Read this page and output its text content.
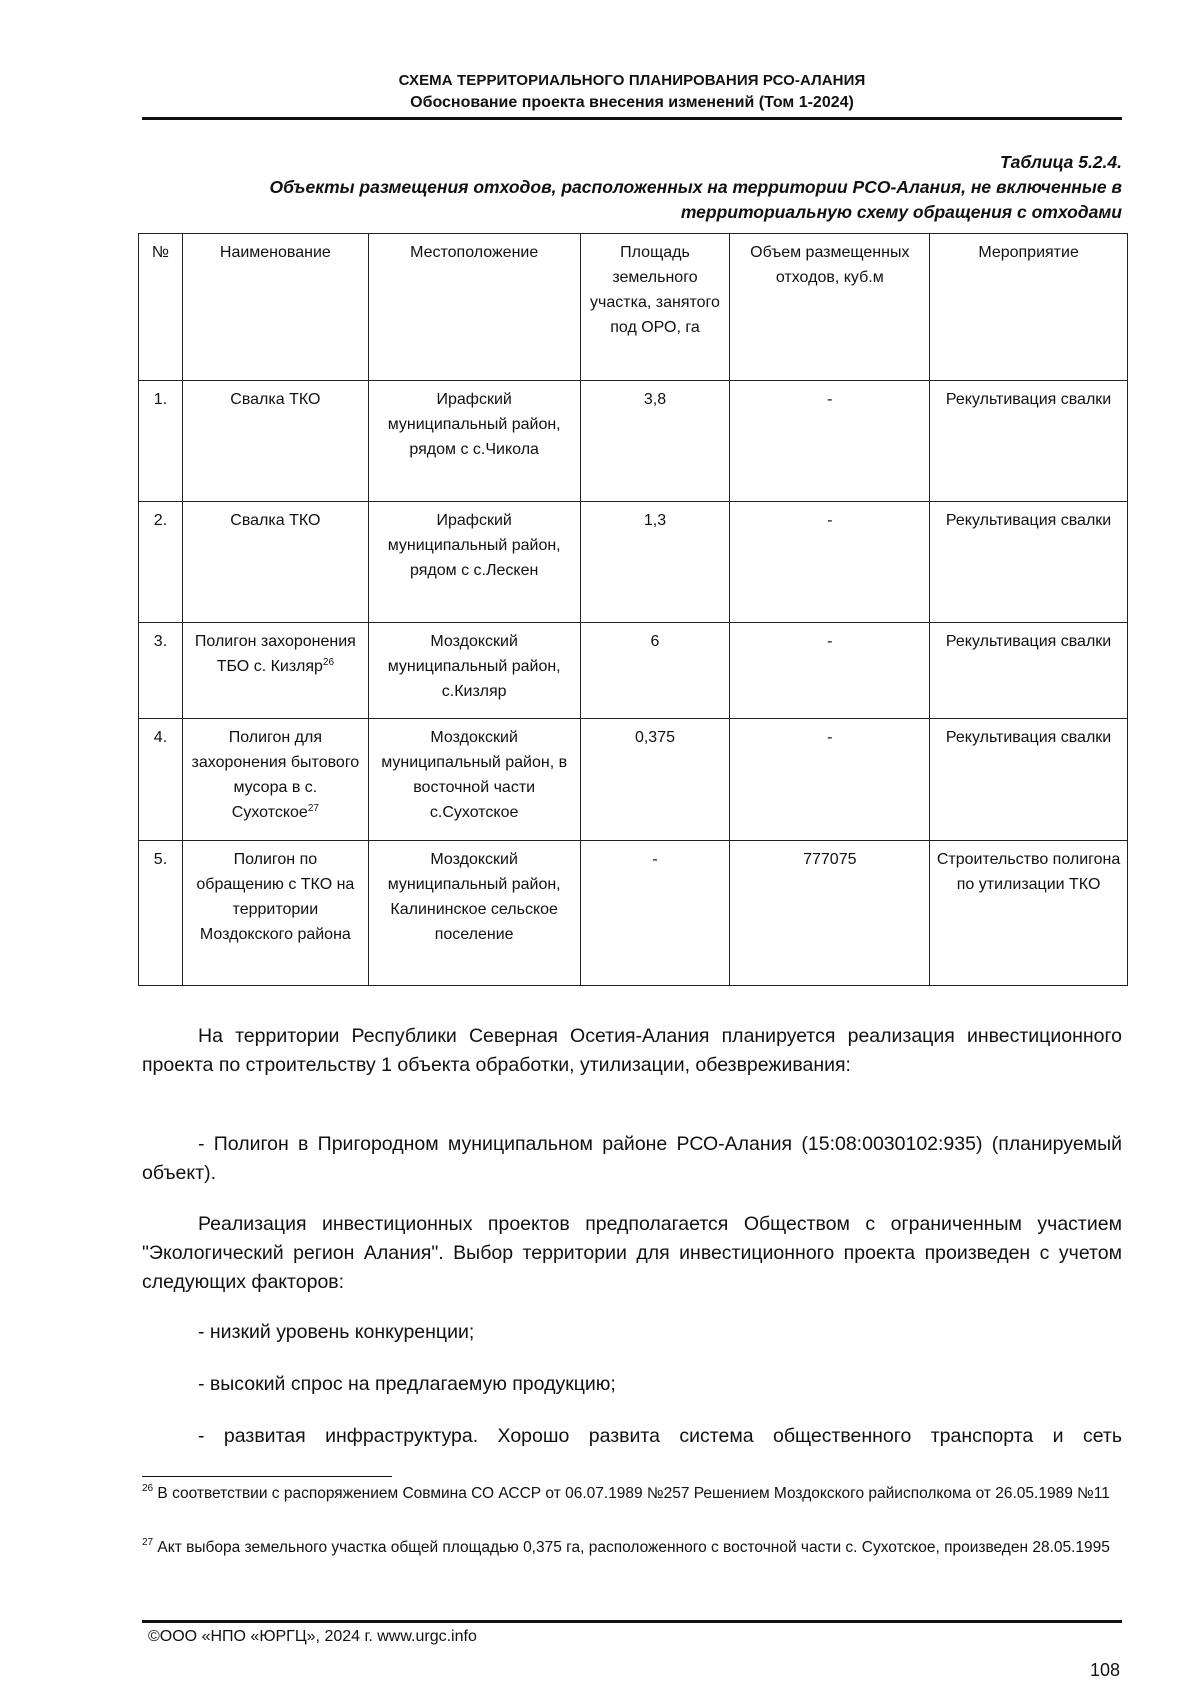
СХЕМА ТЕРРИТОРИАЛЬНОГО ПЛАНИРОВАНИЯ РСО-АЛАНИЯ
Обоснование проекта внесения изменений (Том 1-2024)
Таблица 5.2.4.
Объекты размещения отходов, расположенных на территории РСО-Алания, не включенные в
территориальную схему обращения с отходами
№	Наименование	Местоположение	Площадь земельного участка, занятого под ОРО, га	Объем размещенных отходов, куб.м	Мероприятие
1.	Свалка ТКО	Ирафский муниципальный район, рядом с с.Чикола	3,8	-	Рекультивация свалки
2.	Свалка ТКО	Ирафский муниципальный район, рядом с с.Лескен	1,3	-	Рекультивация свалки
3.	Полигон захоронения ТБО с. Кизляр$^{26}$	Моздокский муниципальный район, с.Кизляр	6	-	Рекультивация свалки
4.	Полигон для захоронения бытового мусора в с. Сухотское$^{27}$	Моздокский муниципальный район, в восточной части с.Сухотское	0,375	-	Рекультивация свалки
5.	Полигон по обращению с ТКО на территории Моздокского района	Моздокский муниципальный район, Калининское сельское поселение	-	777075	Строительство полигона по утилизации ТКО
На территории Республики Северная Осетия-Алания планируется реализация инвестиционного проекта по строительству 1 объекта обработки, утилизации, обезвреживания:
- Полигон в Пригородном муниципальном районе РСО-Алания (15:08:0030102:935) (планируемый объект).
Реализация инвестиционных проектов предполагается Обществом с ограниченным участием "Экологический регион Алания". Выбор территории для инвестиционного проекта произведен с учетом следующих факторов:
- низкий уровень конкуренции;
- высокий спрос на предлагаемую продукцию;
- развитая инфраструктура. Хорошо развита система общественного транспорта и сеть
$^{26}$ В соответствии с распоряжением Совмина СО АССР от 06.07.1989 №257 Решением Моздокского райисполкома от 26.05.1989 №11
$^{27}$ Акт выбора земельного участка общей площадью 0,375 га, расположенного с восточной части с. Сухотское, произведен 28.05.1995
©ООО «НПО «ЮРГЦ», 2024 г. www.urgc.info
108
